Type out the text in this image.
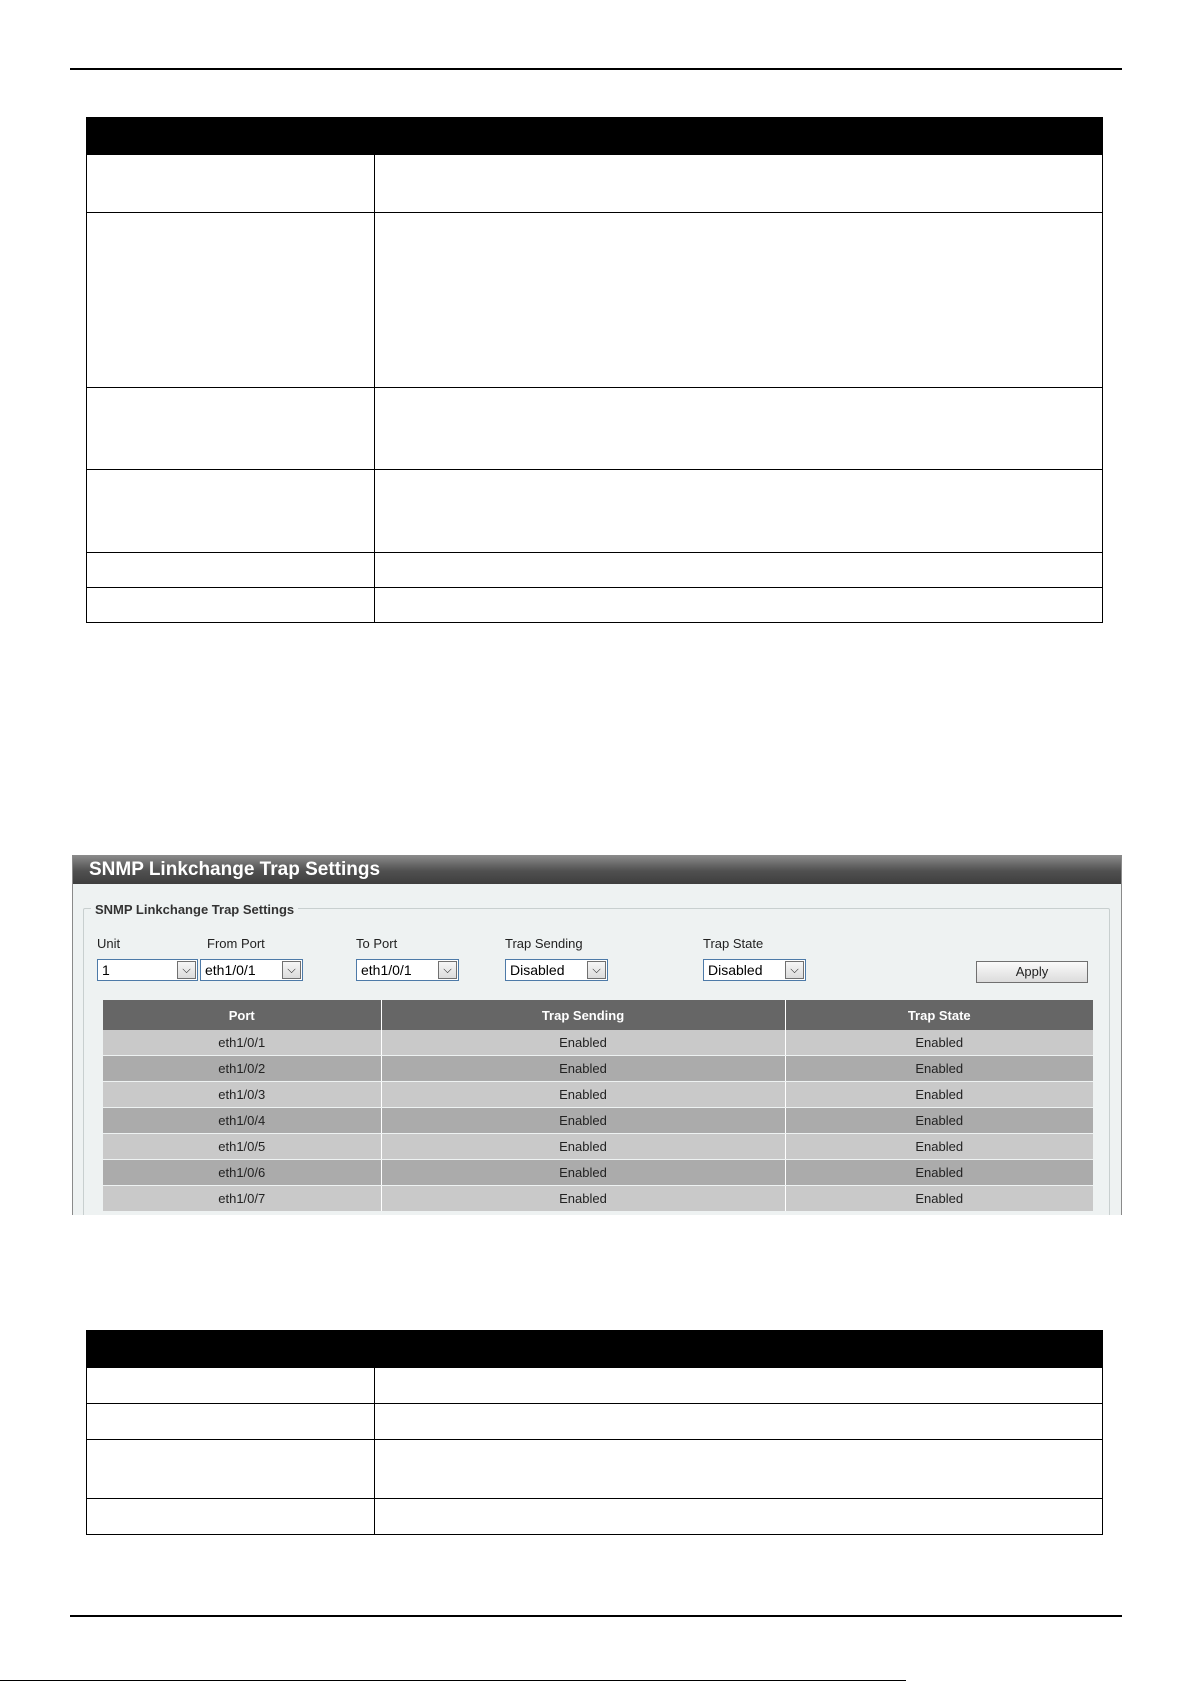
SNMP Linkchange Trap Settings
SNMP Linkchange Trap Settings
Unit	From Port	To Port	Trap Sending	Trap State
1	⌵	eth1/0/1	⌵	eth1/0/1	⌵	Disabled	⌵	Disabled	⌵	Apply
Port	Trap Sending	Trap State
eth1/0/1	Enabled	Enabled
eth1/0/2	Enabled	Enabled
eth1/0/3	Enabled	Enabled
eth1/0/4	Enabled	Enabled
eth1/0/5	Enabled	Enabled
eth1/0/6	Enabled	Enabled
eth1/0/7	Enabled	Enabled
